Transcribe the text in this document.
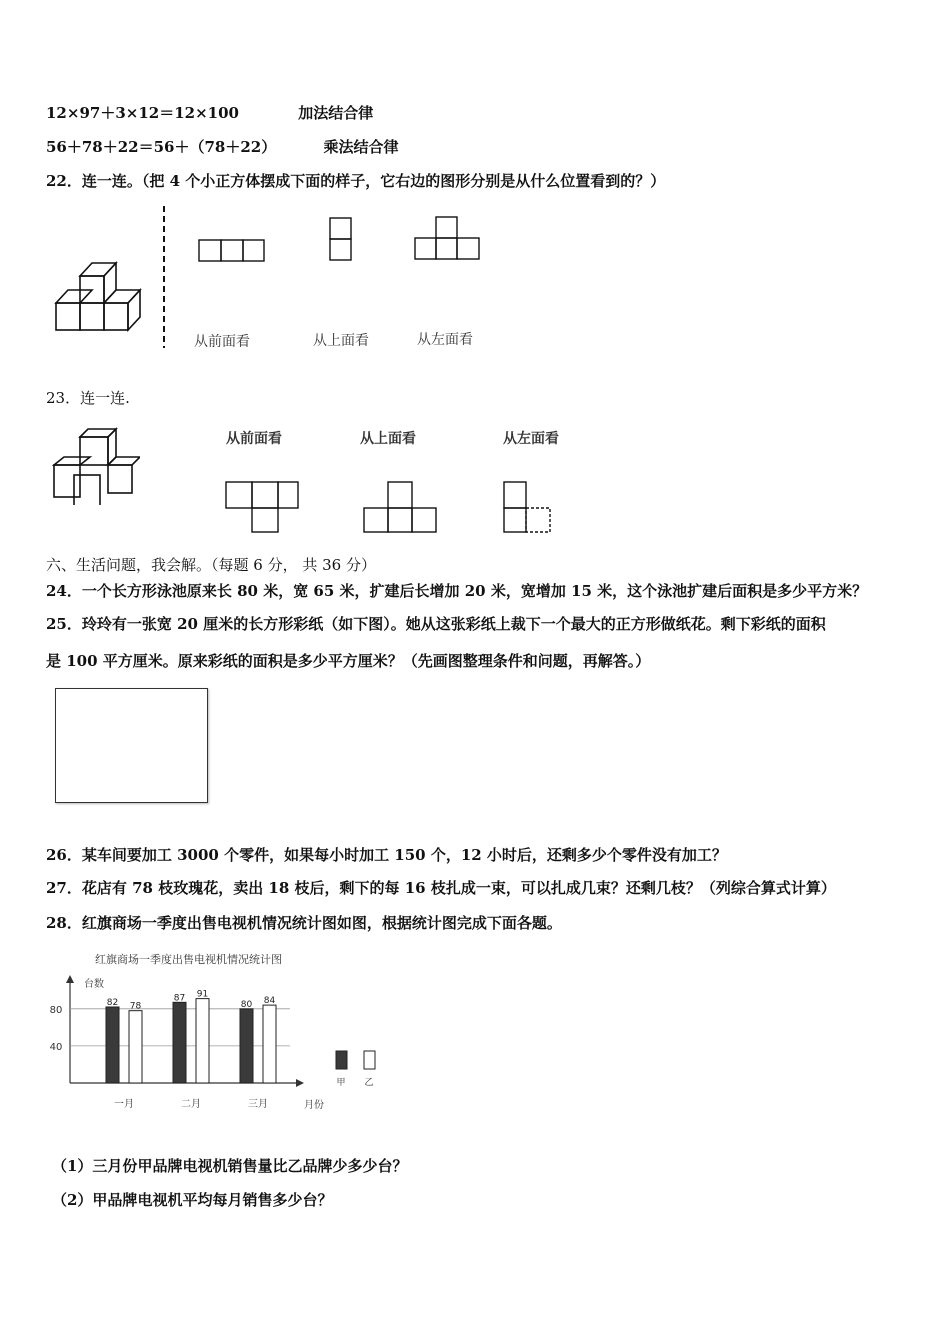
12×97＋3×12＝12×100	加法结合律
56＋78＋22＝56＋（78＋22）	乘法结合律
22．连一连。（把 4 个小正方体摆成下面的样子，它右边的图形分别是从什么位置看到的？）
从前面看	从上面看	从左面看
23．连一连.
从前面看	从上面看	从左面看
六、生活问题，我会解。（每题 6 分， 共 36 分）
24．一个长方形泳池原来长 80 米，宽 65 米，扩建后长增加 20 米，宽增加 15 米，这个泳池扩建后面积是多少平方米？
25．玲玲有一张宽 20 厘米的长方形彩纸（如下图）。她从这张彩纸上裁下一个最大的正方形做纸花。剩下彩纸的面积
是 100 平方厘米。原来彩纸的面积是多少平方厘米？（先画图整理条件和问题，再解答。）
26．某车间要加工 3000 个零件，如果每小时加工 150 个，12 小时后，还剩多少个零件没有加工？
27．花店有 78 枝玫瑰花，卖出 18 枝后，剩下的每 16 枝扎成一束，可以扎成几束？还剩几枝？（列综合算式计算）
28．红旗商场一季度出售电视机情况统计图如图，根据统计图完成下面各题。
红旗商场一季度出售电视机情况统计图
台数
月份
40
80
82 78
一月
87 91
二月
80 84
三月
甲 乙
（1）三月份甲品牌电视机销售量比乙品牌少多少台？
（2）甲品牌电视机平均每月销售多少台？
